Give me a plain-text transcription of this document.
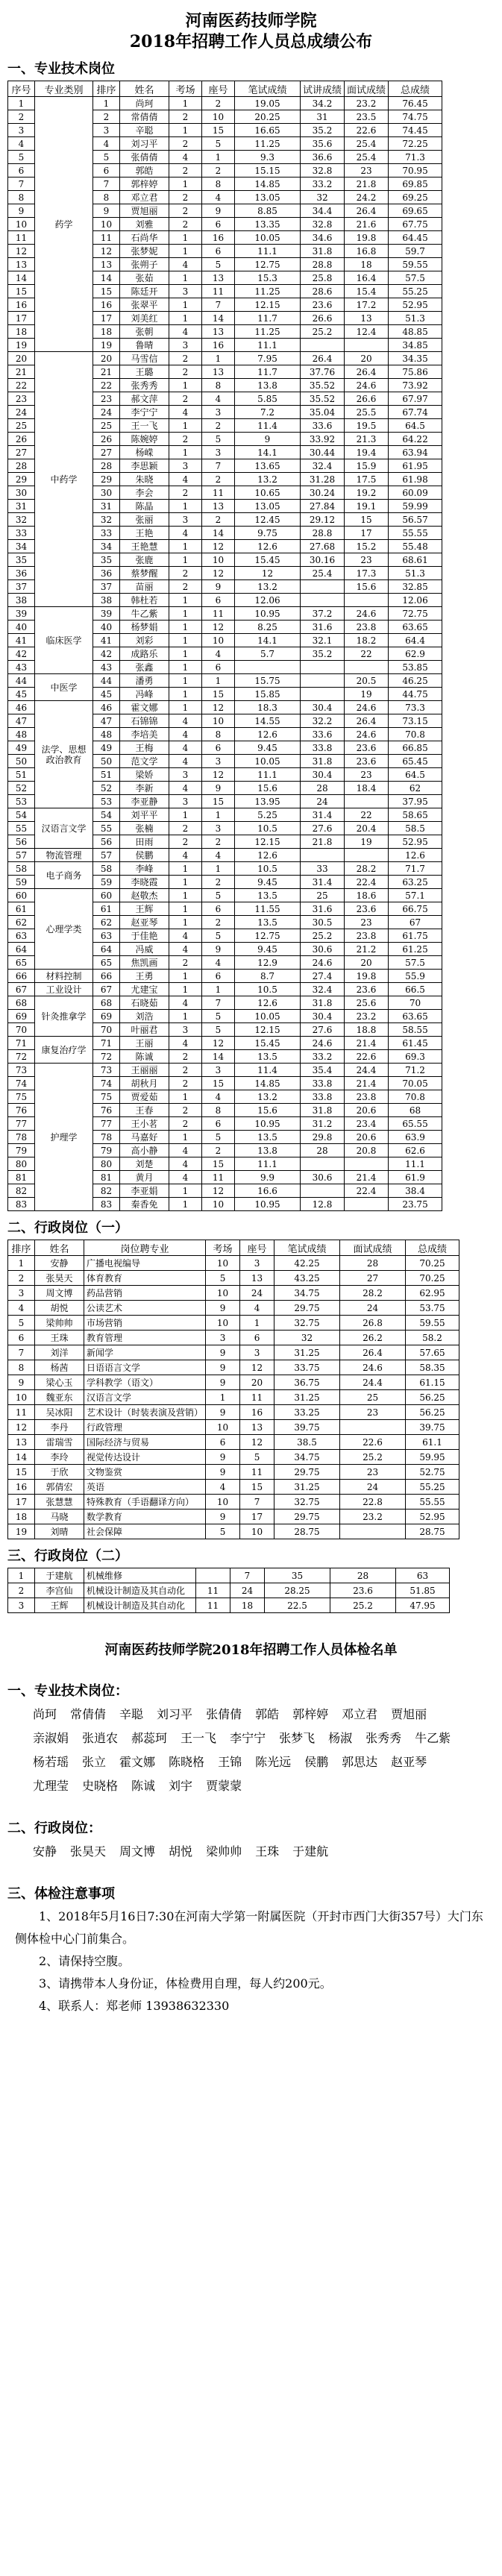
河南医药技师学院
2018年招聘工作人员总成绩公布
一、专业技术岗位
序号	专业类别	排序	姓名	考场	座号	笔试成绩	试讲成绩	面试成绩	总成绩
1	药学	1	尚珂	1	2	19.05	34.2	23.2	76.45
2		2	常倩倩	2	10	20.25	31	23.5	74.75
3		3	辛聪	1	15	16.65	35.2	22.6	74.45
4		4	刘习平	2	5	11.25	35.6	25.4	72.25
5		5	张倩倩	4	1	9.3	36.6	25.4	71.3
6		6	郭皓	2	2	15.15	32.8	23	70.95
7		7	郭梓婷	1	8	14.85	33.2	21.8	69.85
8		8	邓立君	2	4	13.05	32	24.2	69.25
9		9	贾旭丽	2	9	8.85	34.4	26.4	69.65
10		10	刘雅	2	6	13.35	32.8	21.6	67.75
11		11	石尚华	1	16	10.05	34.6	19.8	64.45
12		12	张梦妮	1	6	11.1	31.8	16.8	59.7
13		13	张朔子	4	5	12.75	28.8	18	59.55
14		14	张茹	1	13	15.3	25.8	16.4	57.5
15		15	陈廷开	3	11	11.25	28.6	15.4	55.25
16		16	张翠平	1	7	12.15	23.6	17.2	52.95
17		17	刘美红	1	14	11.7	26.6	13	51.3
18		18	张朝	4	13	11.25	25.2	12.4	48.85
19		19	鲁晴	3	16	11.1			34.85
20	中药学	20	马雪信	2	1	7.95	26.4	20	34.35
21		21	王璐	2	13	11.7	37.76	26.4	75.86
22		22	张秀秀	1	8	13.8	35.52	24.6	73.92
23		23	郝文萍	2	4	5.85	35.52	26.6	67.97
24		24	李宁宁	4	3	7.2	35.04	25.5	67.74
25		25	王一飞	1	2	11.4	33.6	19.5	64.5
26		26	陈婉婷	2	5	9	33.92	21.3	64.22
27		27	杨嵘	1	3	14.1	30.44	19.4	63.94
28		28	李思颖	3	7	13.65	32.4	15.9	61.95
29		29	朱晓	4	2	13.2	31.28	17.5	61.98
30		30	李会	2	11	10.65	30.24	19.2	60.09
31		31	陈晶	1	13	13.05	27.84	19.1	59.99
32		32	张丽	3	2	12.45	29.12	15	56.57
33		33	王艳	4	14	9.75	28.8	17	55.55
34		34	王艳慧	1	12	12.6	27.68	15.2	55.48
35		35	张鹿	1	10	15.45	30.16	23	68.61
36		36	蔡梦醒	2	12	12	25.4	17.3	51.3
37		37	苗丽	2	9	13.2		15.6	32.85
38		38	韩杜若	1	6	12.06			12.06
39	临床医学	39	牛乙紫	1	11	10.95	37.2	24.6	72.75
40		40	杨梦娟	1	12	8.25	31.6	23.8	63.65
41		41	刘彩	1	10	14.1	32.1	18.2	64.4
42		42	成路乐	1	4	5.7	35.2	22	62.9
43		43	张鑫	1	6				53.85
44	中医学	44	潘勇	1	1	15.75		20.5	46.25
45		45	冯峰	1	15	15.85		19	44.75
46	法学、思想政治教育	46	霍文娜	1	12	18.3	30.4	24.6	73.3
47		47	石锦锦	4	10	14.55	32.2	26.4	73.15
48		48	李培美	4	8	12.6	33.6	24.6	70.8
49		49	王梅	4	6	9.45	33.8	23.6	66.85
50		50	范文学	4	3	10.05	31.8	23.6	65.45
51		51	梁娇	3	12	11.1	30.4	23	64.5
52		52	李新	4	9	15.6	28	18.4	62
53		53	李亚静	3	15	13.95	24		37.95
54	汉语言文学	54	刘平平	1	1	5.25	31.4	22	58.65
55		55	张楠	2	3	10.5	27.6	20.4	58.5
56		56	田雨	2	2	12.15	21.8	19	52.95
57	物流管理	57	侯鹏	4	4	12.6			12.6
58	电子商务	58	李峰	1	1	10.5	33	28.2	71.7
59		59	李晓霞	1	2	9.45	31.4	22.4	63.25
60	心理学类	60	赵敬杰	1	5	13.5	25	18.6	57.1
61		61	王辉	1	6	11.55	31.6	23.6	66.75
62		62	赵亚琴	1	2	13.5	30.5	23	67
63		63	于佳艳	4	5	12.75	25.2	23.8	61.75
64		64	冯威	4	9	9.45	30.6	21.2	61.25
65		65	焦凯画	2	4	12.9	24.6	20	57.5
66	材料控制	66	王勇	1	6	8.7	27.4	19.8	55.9
67	工业设计	67	尤建宝	1	1	10.5	32.4	23.6	66.5
68	针灸推拿学	68	石晓茹	4	7	12.6	31.8	25.6	70
69		69	刘浩	1	5	10.05	30.4	23.2	63.65
70		70	叶丽君	3	5	12.15	27.6	18.8	58.55
71	康复治疗学	71	王丽	4	12	15.45	24.6	21.4	61.45
72		72	陈诚	2	14	13.5	33.2	22.6	69.3
73	护理学	73	王丽丽	2	3	11.4	35.4	24.4	71.2
74		74	胡秋月	2	15	14.85	33.8	21.4	70.05
75		75	贾爱茹	1	4	13.2	33.8	23.8	70.8
76		76	王春	2	8	15.6	31.8	20.6	68
77		77	王小茗	2	6	10.95	31.2	23.4	65.55
78		78	马嘉好	1	5	13.5	29.8	20.6	63.9
79		79	高小静	4	2	13.8	28	20.8	62.6
80		80	刘楚	4	15	11.1			11.1
81		81	黄月	4	11	9.9	30.6	21.4	61.9
82		82	李亚娟	1	12	16.6		22.4	38.4
83		83	秦香免	1	10	10.95	12.8		23.75
二、行政岗位（一）
排序	姓名	岗位聘专业	考场	座号	笔试成绩	面试成绩	总成绩
1	安静	广播电视编导	10	3	42.25	28	70.25
2	张昊天	体育教育	5	13	43.25	27	70.25
3	周文博	药品营销	10	24	34.75	28.2	62.95
4	胡悦	公读艺术	9	4	29.75	24	53.75
5	梁帅帅	市场营销	10	1	32.75	26.8	59.55
6	王珠	教育管理	3	6	32	26.2	58.2
7	刘洋	新闻学	9	3	31.25	26.4	57.65
8	杨茜	日语语言文学	9	12	33.75	24.6	58.35
9	梁心玉	学科教学（语文）	9	20	36.75	24.4	61.15
10	魏亚东	汉语言文学	1	11	31.25	25	56.25
11	吴冰阳	艺术设计（时装表演及营销）	9	16	33.25	23	56.25
12	李丹	行政管理	10	13	39.75		39.75
13	雷瑞雪	国际经济与贸易	6	12	38.5	22.6	61.1
14	李玲	视觉传达设计	9	5	34.75	25.2	59.95
15	于欣	文物鉴赏	9	11	29.75	23	52.75
16	郭倩宏	英语	4	15	31.25	24	55.25
17	张慧慧	特殊教育（手语翻译方向）	10	7	32.75	22.8	55.55
18	马晓	数学教育	9	17	29.75	23.2	52.95
19	刘晴	社会保障	5	10	28.75		28.75
三、行政岗位（二）
1	于建航	机械维修		7	35	28	63
2	李宫仙	机械设计制造及其自动化	11	24	28.25	23.6	51.85
3	王辉	机械设计制造及其自动化	11	18	22.5	25.2	47.95
河南医药技师学院2018年招聘工作人员体检名单
一、专业技术岗位：
尚珂 常倩倩 辛聪 刘习平 张倩倩 郭皓 郭梓婷 邓立君 贾旭丽亲淑娟 张逍农 郝蕊珂 王一飞 李宁宁 张梦飞 杨淑 张秀秀 牛乙紫杨若瑶 张立 霍文娜 陈晓格 王锦 陈光远 侯鹏 郭思达 赵亚琴尤理莹 史晓格 陈诚 刘宇 贾蒙蒙
二、行政岗位：
安静 张昊天 周文博 胡悦 梁帅帅 王珠 于建航
三、体检注意事项

1、2018年5月16日7:30在河南大学第一附属医院（开封市西门大街357号）大门东侧体检中心门前集合。

2、请保持空腹。

3、请携带本人身份证，体检费用自理，每人约200元。

4、联系人：郑老师 13938632330
